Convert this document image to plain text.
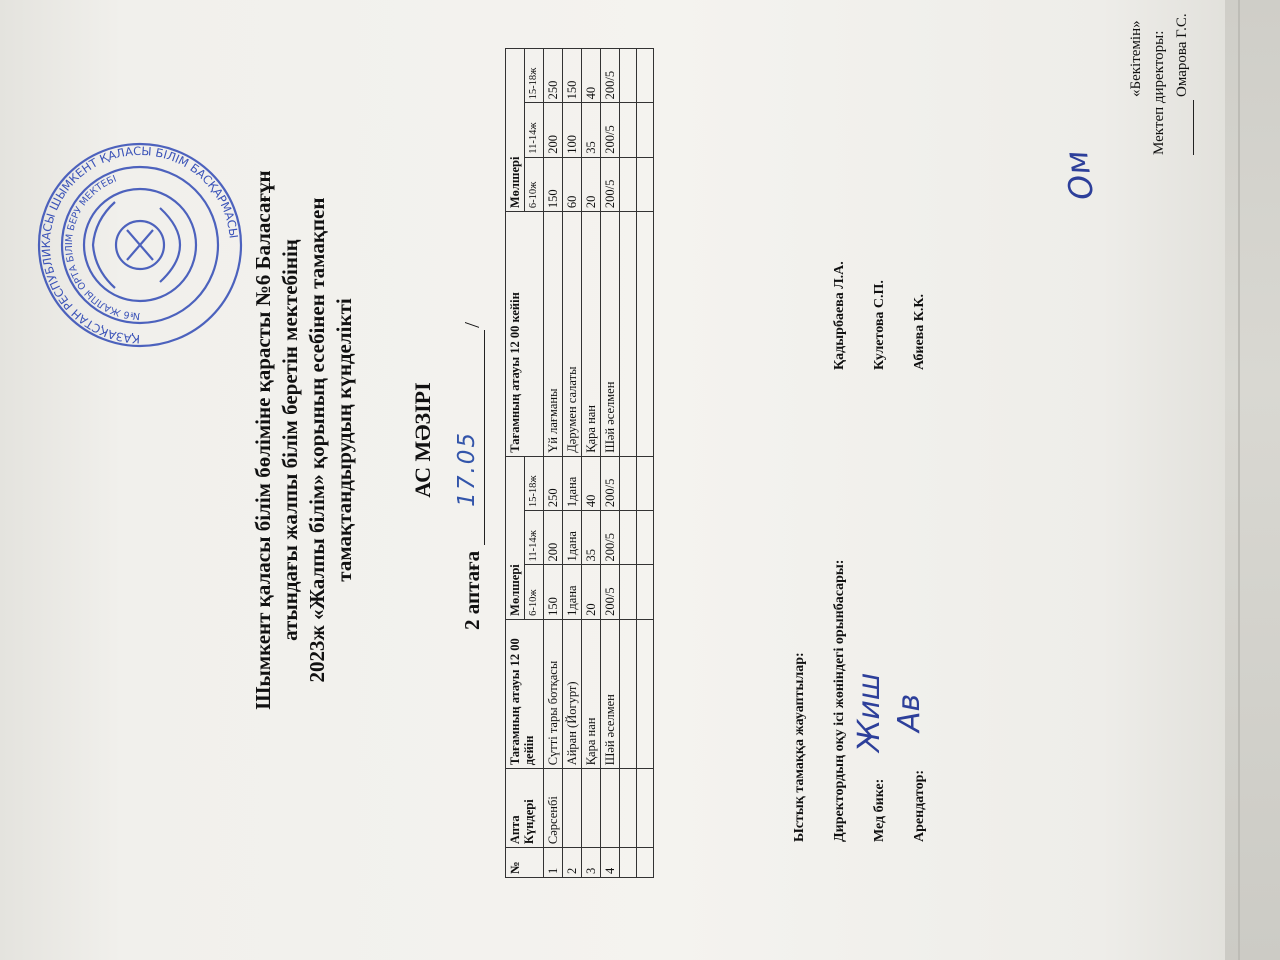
«Бекітемін» Мектеп директоры: Омарова Г.С.
ҚАЗАҚСТАН РЕСПУБЛИКАСЫ ШЫМКЕНТ ҚАЛАСЫ БІЛІМ БАСҚАРМАСЫ
№6 ЖАЛПЫ ОРТА БІЛІМ БЕРУ МЕКТЕБІ	Ом
Шымкент қаласы білім бөліміне қарасты №6 Баласағұн атындағы жалпы білім беретін мектебінің 2023ж «Жалпы білім» қорының есебінен тамақпен тамақтандырудың күнделікті АС МӘЗІРІ
2 аптаға
17.05
/
№	Апта Күндері	Тағамның атауы 12 00 дейін	Мөлшері			Тағамның атауы 12 00 кейін	Мөлшері		
			6-10ж	11-14ж	15-18ж		6-10ж	11-14ж	15-18ж
1	Сәрсенбі	Сүтті тары ботқасы	150	200	250	Үй лағманы	150	200	250
2		Айран (Йогурт)	1дана	1дана	1дана	Дәрумен салаты	60	100	150
3		Қара нан	20	35	40	Қара нан	20	35	40
4		Шәй әселмен	200/5	200/5	200/5	Шәй әселмен	200/5	200/5	200/5

Ыстық тамаққа жауаптылар: Директордың оқу ісі жөніндегі орынбасары:
Қадырбаева Л.А.
Мед бике:
Жиш
Кулетова С.П.
Арендатор:
Ав
Абиева К.К.
